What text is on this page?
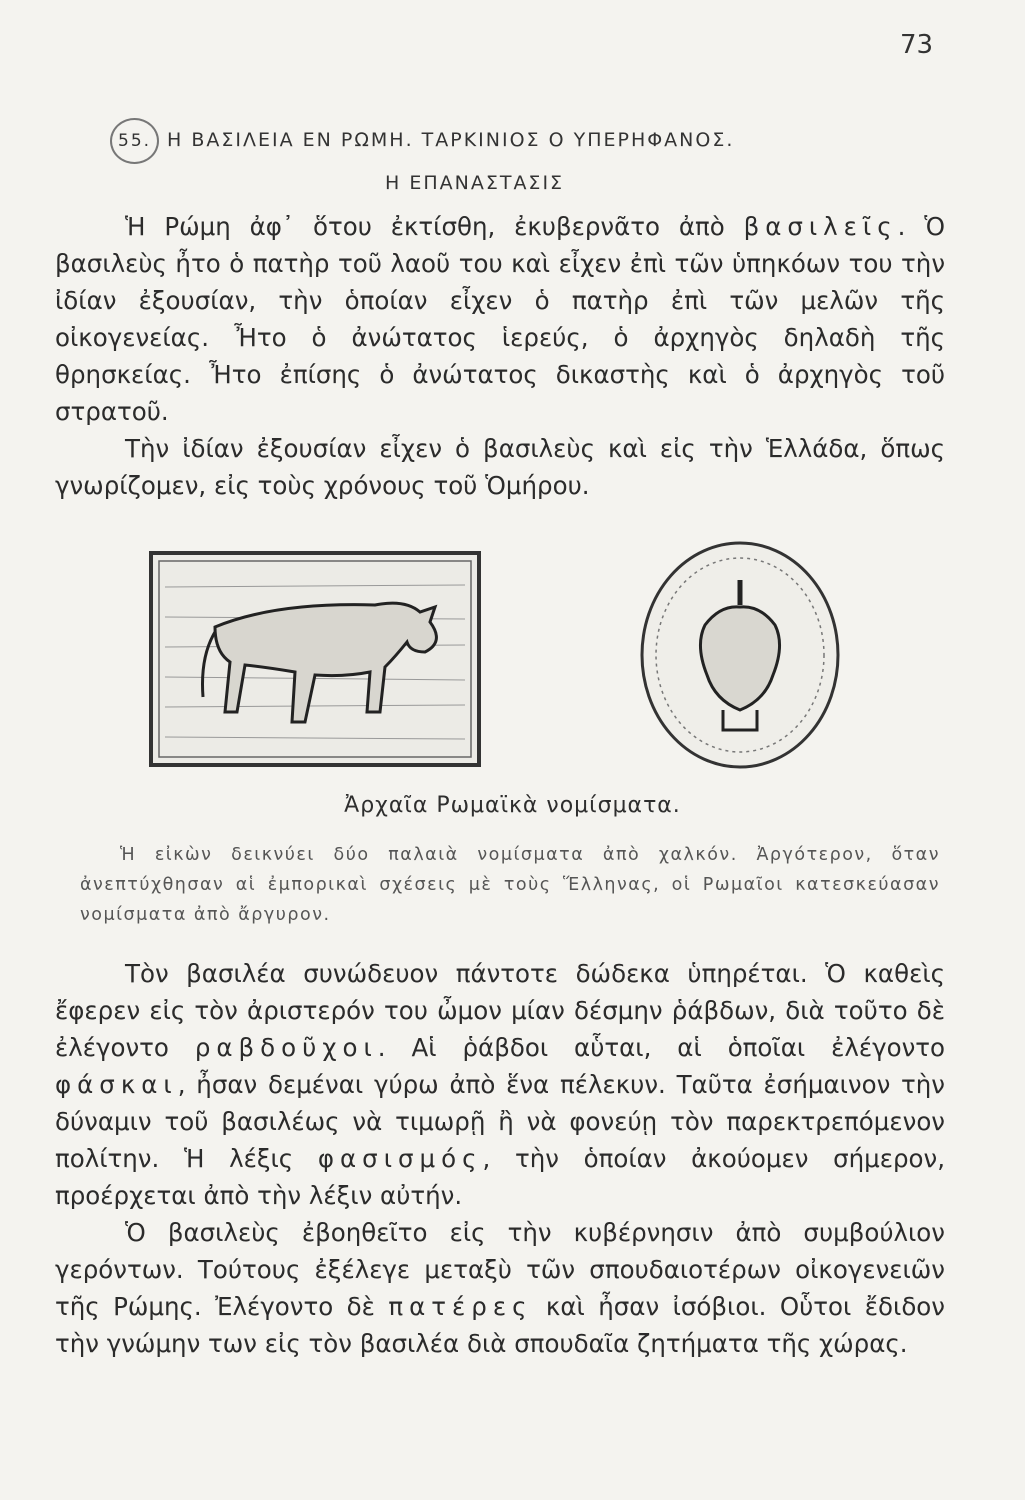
73
55. Η ΒΑΣΙΛΕΙΑ ΕΝ ΡΩΜΗ. ΤΑΡΚΙΝΙΟΣ Ο ΥΠΕΡΗΦΑΝΟΣ.
Η ΕΠΑΝΑΣΤΑΣΙΣ

Ἡ Ρώμη ἀφ᾽ ὅτου ἐκτίσθη, ἐκυβερνᾶτο ἀπὸ βασιλεῖς. Ὁ βασιλεὺς ἦτο ὁ πατὴρ τοῦ λαοῦ του καὶ εἶχεν ἐπὶ τῶν ὑπηκόων του τὴν ἰδίαν ἐξουσίαν, τὴν ὁποίαν εἶχεν ὁ πατὴρ ἐπὶ τῶν μελῶν τῆς οἰκογενείας. Ἦτο ὁ ἀνώτατος ἱερεύς, ὁ ἀρχηγὸς δηλαδὴ τῆς θρησκείας. Ἦτο ἐπίσης ὁ ἀνώτατος δικαστὴς καὶ ὁ ἀρχηγὸς τοῦ στρατοῦ.

Τὴν ἰδίαν ἐξουσίαν εἶχεν ὁ βασιλεὺς καὶ εἰς τὴν Ἑλλάδα, ὅπως γνωρίζομεν, εἰς τοὺς χρόνους τοῦ Ὁμήρου.

Ἀρχαῖα Ρωμαϊκὰ νομίσματα.
Ἡ εἰκὼν δεικνύει δύο παλαιὰ νομίσματα ἀπὸ χαλκόν. Ἀργότερον, ὅταν ἀνεπτύχθησαν αἱ ἐμπορικαὶ σχέσεις μὲ τοὺς Ἕλληνας, οἱ Ρωμαῖοι κατεσκεύασαν νομίσματα ἀπὸ ἄργυρον.

Τὸν βασιλέα συνώδευον πάντοτε δώδεκα ὑπηρέται. Ὁ καθεὶς ἔφερεν εἰς τὸν ἀριστερόν του ὦμον μίαν δέσμην ῥάβδων, διὰ τοῦτο δὲ ἐλέγοντο ραβδοῦχοι. Αἱ ῥάβδοι αὗται, αἱ ὁποῖαι ἐλέγοντο φάσκαι, ἦσαν δεμέναι γύρω ἀπὸ ἕνα πέλεκυν. Ταῦτα ἐσήμαινον τὴν δύναμιν τοῦ βασιλέως νὰ τιμωρῇ ἢ νὰ φονεύῃ τὸν παρεκτρεπόμενον πολίτην. Ἡ λέξις φασισμός, τὴν ὁποίαν ἀκούομεν σήμερον, προέρχεται ἀπὸ τὴν λέξιν αὐτήν.

Ὁ βασιλεὺς ἐβοηθεῖτο εἰς τὴν κυβέρνησιν ἀπὸ συμβούλιον γερόντων. Τούτους ἐξέλεγε μεταξὺ τῶν σπουδαιοτέρων οἰκογενειῶν τῆς Ρώμης. Ἐλέγοντο δὲ πατέρες καὶ ἦσαν ἰσόβιοι. Οὗτοι ἔδιδον τὴν γνώμην των εἰς τὸν βασιλέα διὰ σπουδαῖα ζητήματα τῆς χώρας.
